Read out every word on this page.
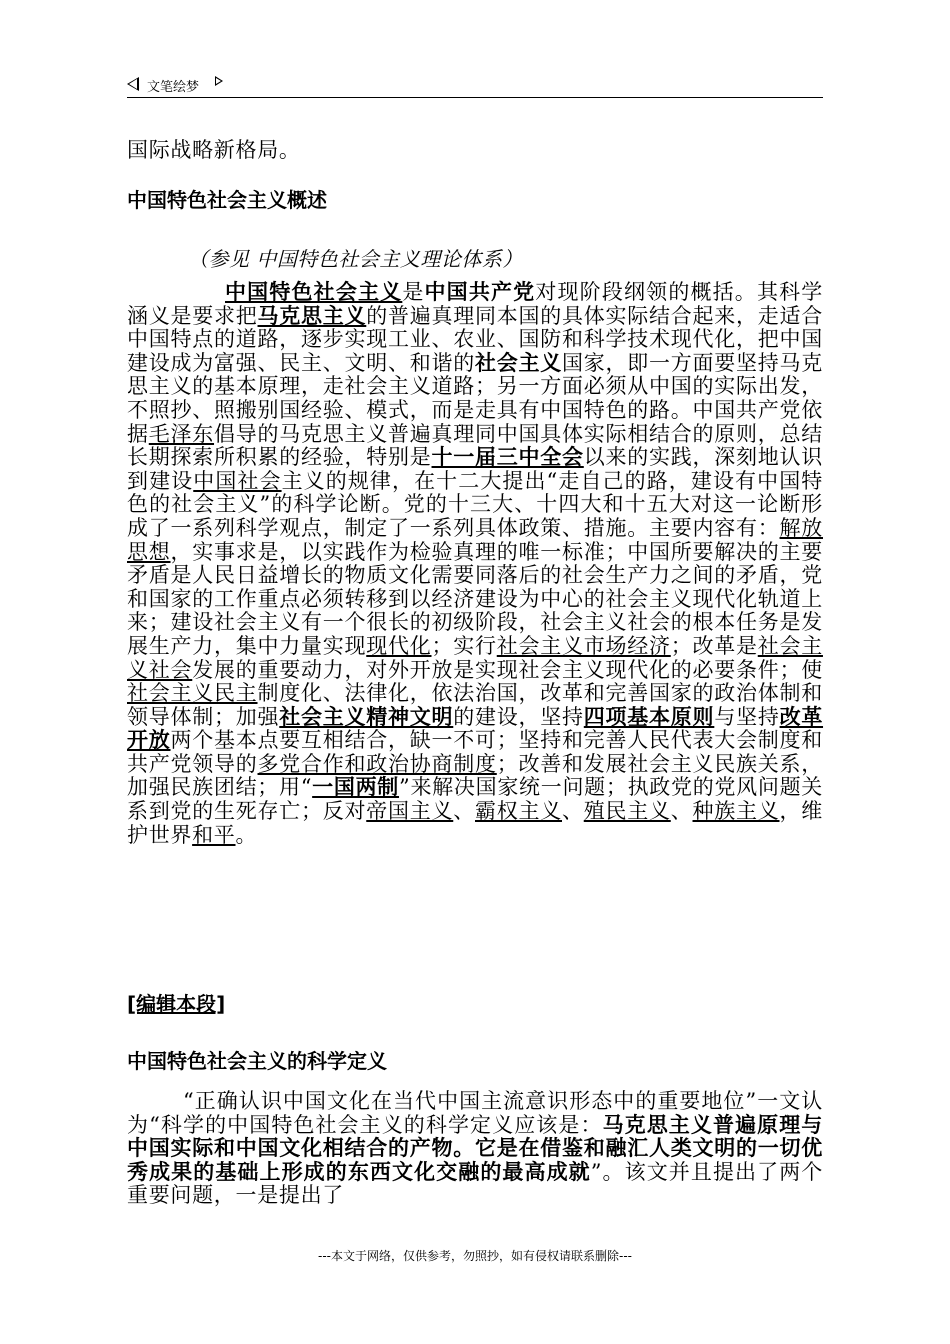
文笔绘梦
国际战略新格局。
中国特色社会主义概述
（参见 中国特色社会主义理论体系）
中国特色社会主义是中国共产党对现阶段纲领的概括。其科学涵义是要求把马克思主义的普遍真理同本国的具体实际结合起来，走适合中国特点的道路，逐步实现工业、农业、国防和科学技术现代化，把中国建设成为富强、民主、文明、和谐的社会主义国家，即一方面要坚持马克思主义的基本原理，走社会主义道路；另一方面必须从中国的实际出发，不照抄、照搬别国经验、模式，而是走具有中国特色的路。中国共产党依据毛泽东倡导的马克思主义普遍真理同中国具体实际相结合的原则，总结长期探索所积累的经验，特别是十一届三中全会以来的实践，深刻地认识到建设中国社会主义的规律，在十二大提出“走自己的路，建设有中国特色的社会主义”的科学论断。党的十三大、十四大和十五大对这一论断形成了一系列科学观点，制定了一系列具体政策、措施。主要内容有：解放思想，实事求是，以实践作为检验真理的唯一标准；中国所要解决的主要矛盾是人民日益增长的物质文化需要同落后的社会生产力之间的矛盾，党和国家的工作重点必须转移到以经济建设为中心的社会主义现代化轨道上来；建设社会主义有一个很长的初级阶段，社会主义社会的根本任务是发展生产力，集中力量实现现代化；实行社会主义市场经济；改革是社会主义社会发展的重要动力，对外开放是实现社会主义现代化的必要条件；使社会主义民主制度化、法律化，依法治国，改革和完善国家的政治体制和领导体制；加强社会主义精神文明的建设，坚持四项基本原则与坚持改革开放两个基本点要互相结合，缺一不可；坚持和完善人民代表大会制度和共产党领导的多党合作和政治协商制度；改善和发展社会主义民族关系，加强民族团结；用“一国两制”来解决国家统一问题；执政党的党风问题关系到党的生死存亡；反对帝国主义、霸权主义、殖民主义、种族主义，维护世界和平。
[编辑本段]
中国特色社会主义的科学定义
“正确认识中国文化在当代中国主流意识形态中的重要地位”一文认为“科学的中国特色社会主义的科学定义应该是：马克思主义普遍原理与中国实际和中国文化相结合的产物。它是在借鉴和融汇人类文明的一切优秀成果的基础上形成的东西文化交融的最高成就”。该文并且提出了两个重要问题，一是提出了
---本文于网络，仅供参考，勿照抄，如有侵权请联系删除---
